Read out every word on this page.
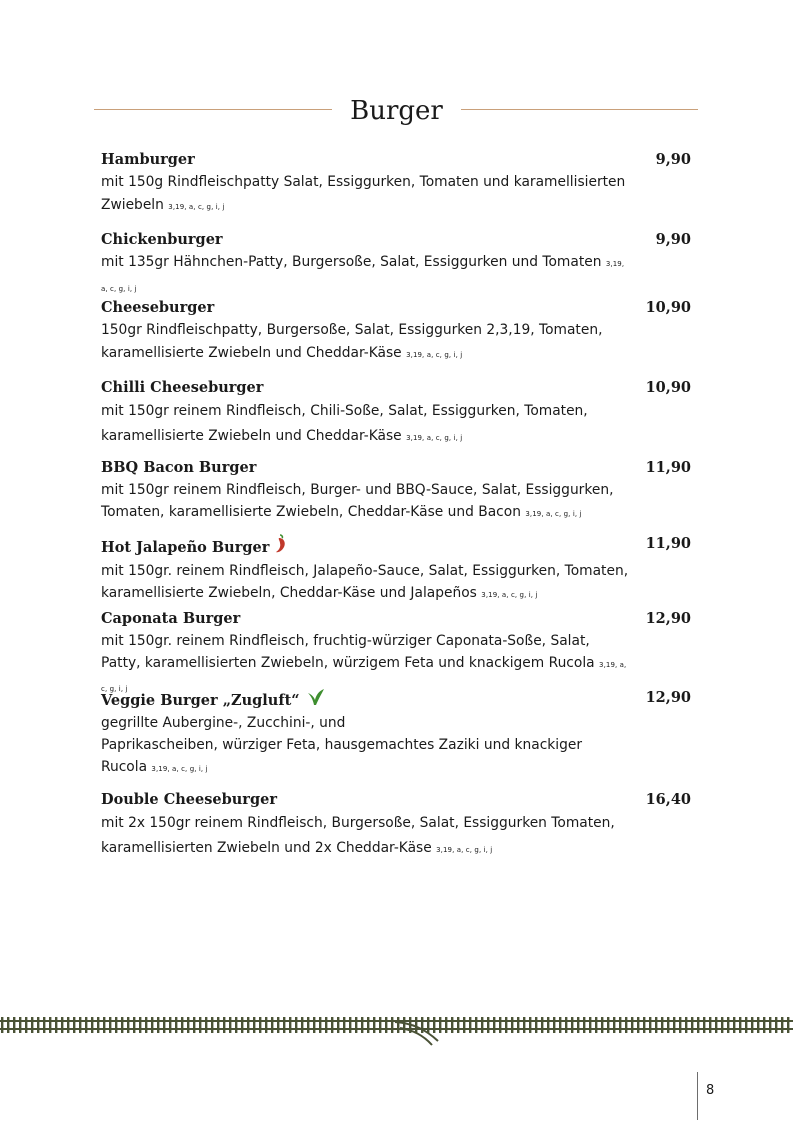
Burger
Hamburger	9,90
mit 150g Rindfleischpatty Salat, Essiggurken, Tomaten und karamellisierten Zwiebeln 3,19, a, c, g, i, j
Chickenburger	9,90
mit 135gr Hähnchen-Patty, Burgersoße, Salat, Essiggurken und Tomaten 3,19, a, c, g, i, j
Cheeseburger	10,90
150gr Rindfleischpatty, Burgersoße, Salat, Essiggurken 2,3,19, Tomaten, karamellisierte Zwiebeln und Cheddar-Käse 3,19, a, c, g, i, j
Chilli Cheeseburger	10,90
mit 150gr reinem Rindfleisch, Chili-Soße, Salat, Essiggurken, Tomaten, karamellisierte Zwiebeln und Cheddar-Käse 3,19, a, c, g, i, j
BBQ Bacon Burger	11,90
mit 150gr reinem Rindfleisch, Burger- und BBQ-Sauce, Salat, Essiggurken, Tomaten, karamellisierte Zwiebeln, Cheddar-Käse und Bacon 3,19, a, c, g, i, j
Hot Jalapeño Burger	11,90
mit 150gr. reinem Rindfleisch, Jalapeño-Sauce, Salat, Essiggurken, Tomaten, karamellisierte Zwiebeln, Cheddar-Käse und Jalapeños 3,19, a, c, g, i, j
Caponata Burger	12,90
mit 150gr. reinem Rindfleisch, fruchtig-würziger Caponata-Soße, Salat, Patty, karamellisierten Zwiebeln, würzigem Feta und knackigem Rucola 3,19, a, c, g, i, j
Veggie Burger „Zugluft“	12,90
gegrillte Aubergine-, Zucchini-, und
Paprikascheiben, würziger Feta, hausgemachtes Zaziki und knackiger Rucola 3,19, a, c, g, i, j
Double Cheeseburger	16,40
mit 2x 150gr reinem Rindfleisch, Burgersoße, Salat, Essiggurken Tomaten, karamellisierten Zwiebeln und 2x Cheddar-Käse 3,19, a, c, g, i, j
8
